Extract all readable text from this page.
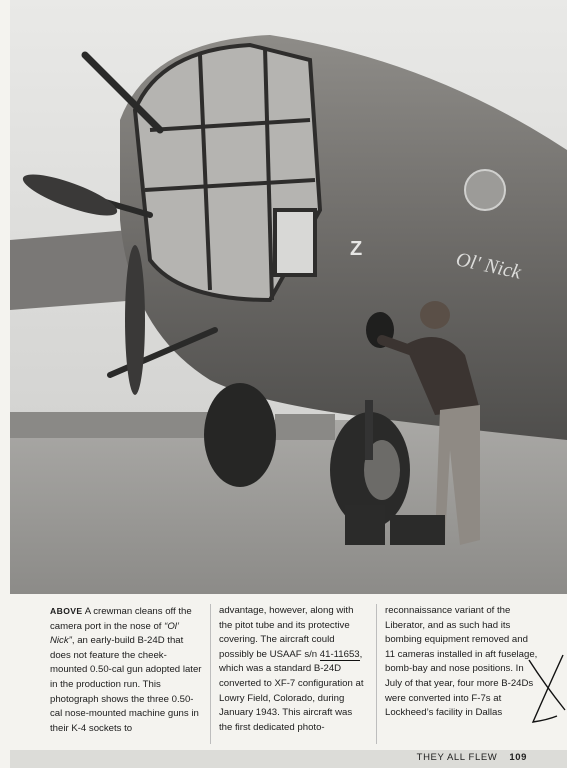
Z	Ol' Nick
ABOVE A crewman cleans off the camera port in the nose of “Ol’ Nick”, an early-build B-24D that does not feature the cheek-mounted 0.50-cal gun adopted later in the production run. This photograph shows the three 0.50-cal nose-mounted machine guns in their K-4 sockets to
advantage, however, along with the pitot tube and its protective covering. The aircraft could possibly be USAAF s/n 41-11653, which was a standard B-24D converted to XF-7 configuration at Lowry Field, Colorado, during January 1943. This aircraft was the first dedicated photo-
reconnaissance variant of the Liberator, and as such had its bombing equipment removed and 11 cameras installed in aft fuselage, bomb-bay and nose positions. In July of that year, four more B-24Ds were converted into F-7s at Lockheed’s facility in Dallas
THEY ALL FLEW 109
